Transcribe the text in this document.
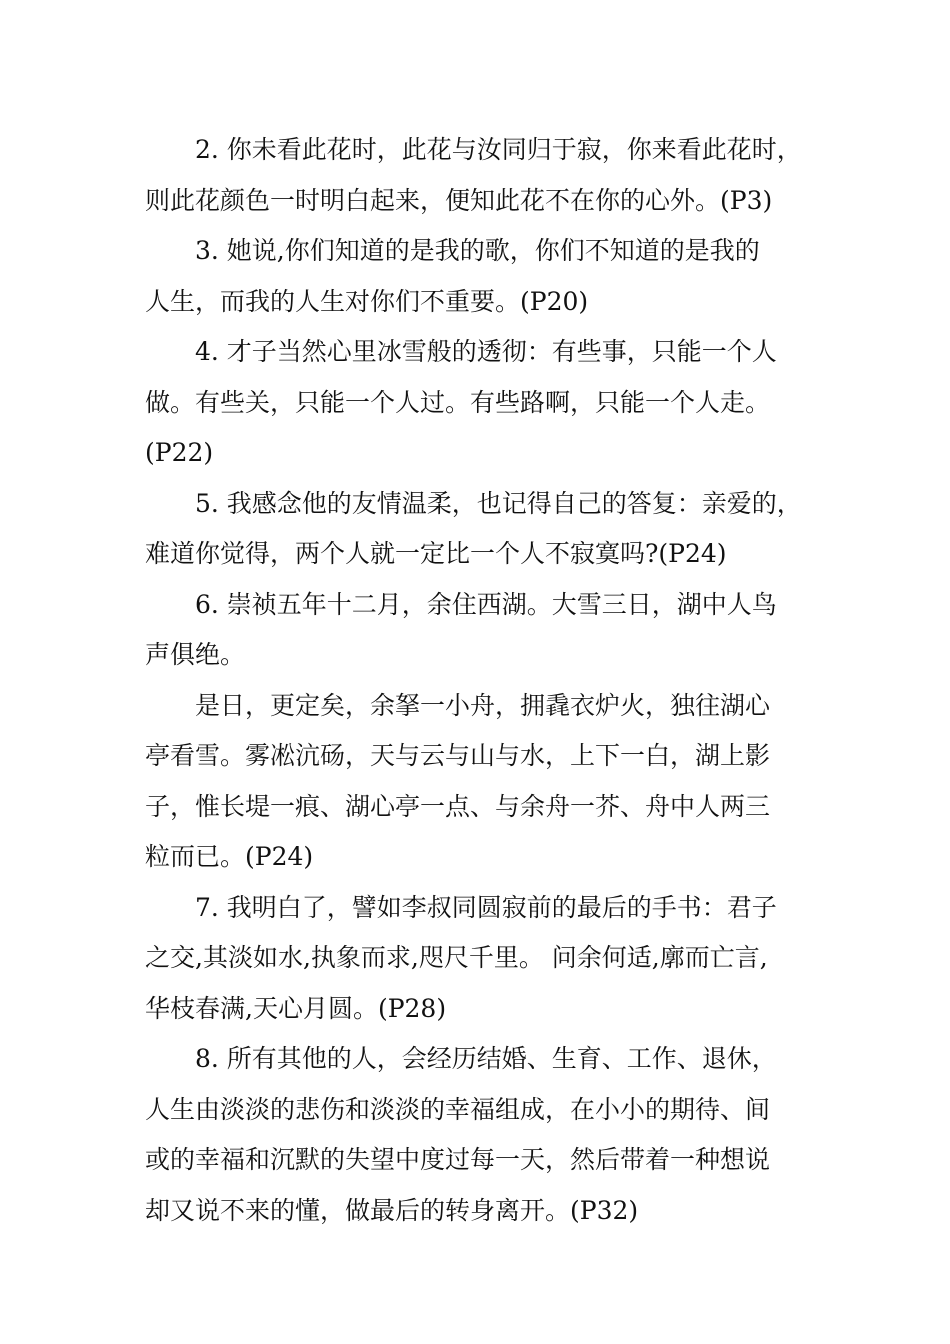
2. 你未看此花时，此花与汝同归于寂，你来看此花时，
则此花颜色一时明白起来，便知此花不在你的心外。(P3)
3. 她说,你们知道的是我的歌，你们不知道的是我的
人生，而我的人生对你们不重要。(P20)
4. 才子当然心里冰雪般的透彻：有些事，只能一个人
做。有些关，只能一个人过。有些路啊，只能一个人走。
(P22)
5. 我感念他的友情温柔，也记得自己的答复：亲爱的，
难道你觉得，两个人就一定比一个人不寂寞吗?(P24)
6. 崇祯五年十二月，余住西湖。大雪三日，湖中人鸟
声俱绝。
是日，更定矣，余拏一小舟，拥毳衣炉火，独往湖心
亭看雪。雾凇沆砀，天与云与山与水，上下一白，湖上影
子，惟长堤一痕、湖心亭一点、与余舟一芥、舟中人两三
粒而已。(P24)
7. 我明白了，譬如李叔同圆寂前的最后的手书：君子
之交,其淡如水,执象而求,咫尺千里。 问余何适,廓而亡言,
华枝春满,天心月圆。(P28)
8. 所有其他的人，会经历结婚、生育、工作、退休，
人生由淡淡的悲伤和淡淡的幸福组成，在小小的期待、间
或的幸福和沉默的失望中度过每一天，然后带着一种想说
却又说不来的懂，做最后的转身离开。(P32)
